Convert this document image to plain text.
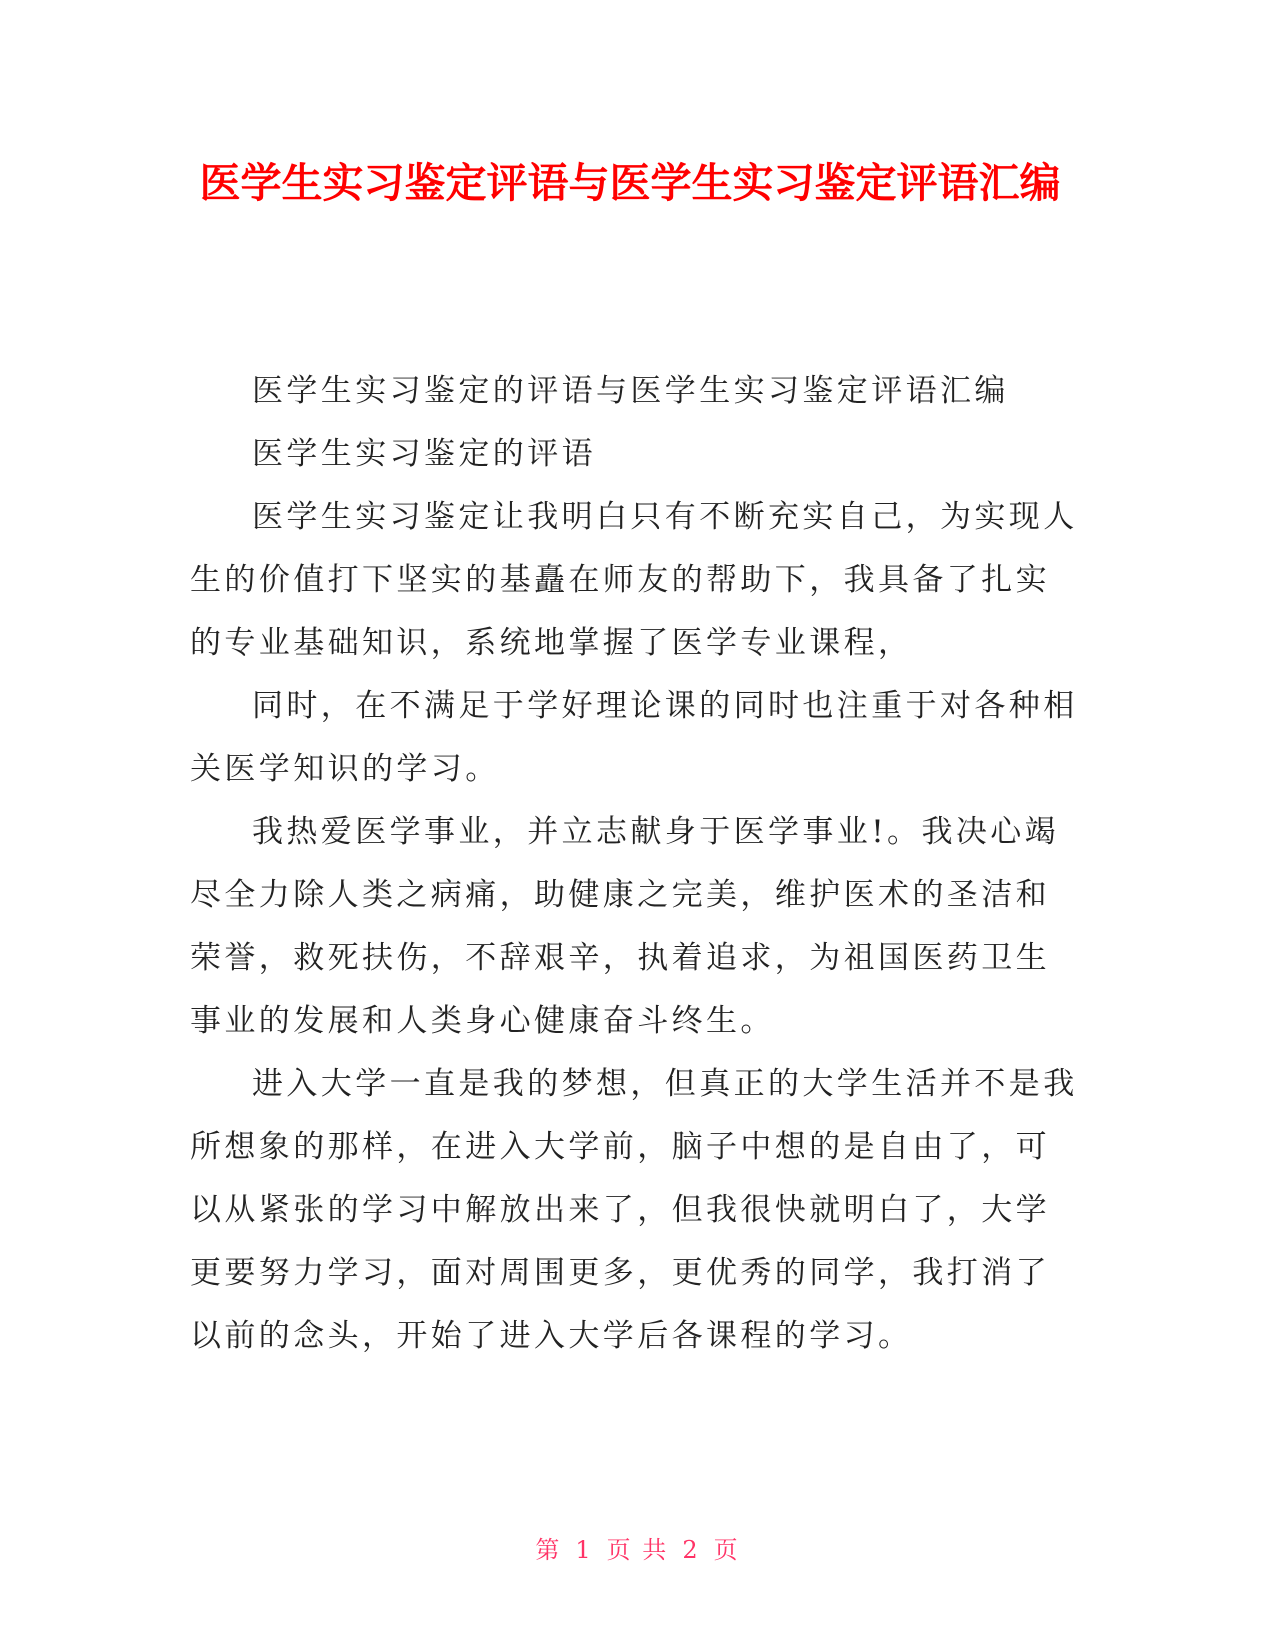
医学生实习鉴定评语与医学生实习鉴定评语汇编

医学生实习鉴定的评语与医学生实习鉴定评语汇编

医学生实习鉴定的评语

医学生实习鉴定让我明白只有不断充实自己，为实现人生的价值打下坚实的基矗在师友的帮助下，我具备了扎实的专业基础知识，系统地掌握了医学专业课程，

同时，在不满足于学好理论课的同时也注重于对各种相关医学知识的学习。

我热爱医学事业，并立志献身于医学事业!。我决心竭尽全力除人类之病痛，助健康之完美，维护医术的圣洁和荣誉，救死扶伤，不辞艰辛，执着追求，为祖国医药卫生事业的发展和人类身心健康奋斗终生。

进入大学一直是我的梦想，但真正的大学生活并不是我所想象的那样，在进入大学前，脑子中想的是自由了，可以从紧张的学习中解放出来了，但我很快就明白了，大学更要努力学习，面对周围更多，更优秀的同学，我打消了以前的念头，开始了进入大学后各课程的学习。

第 1 页 共 2 页
